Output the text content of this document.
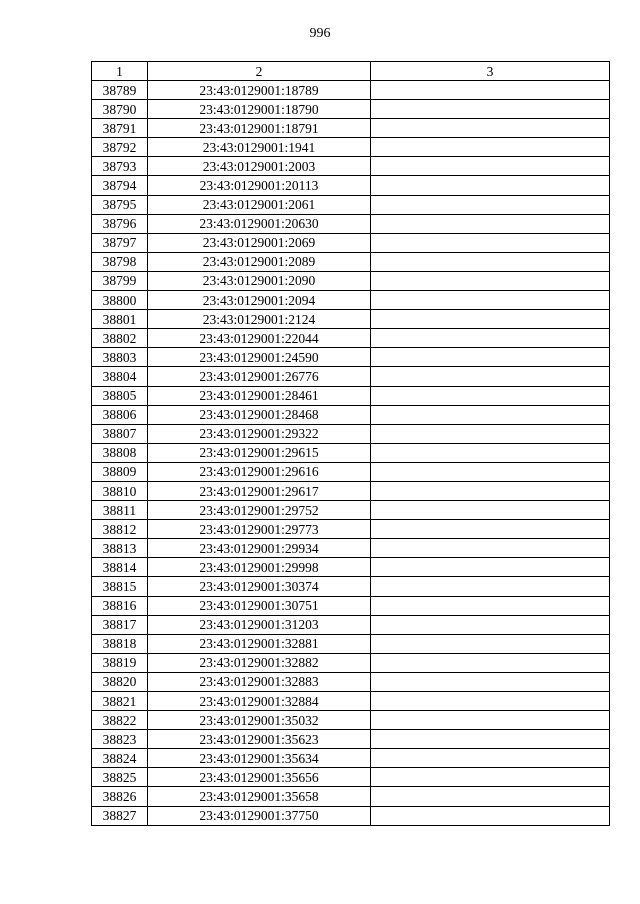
996
1	2	3
38789	23:43:0129001:18789	
38790	23:43:0129001:18790	
38791	23:43:0129001:18791	
38792	23:43:0129001:1941	
38793	23:43:0129001:2003	
38794	23:43:0129001:20113	
38795	23:43:0129001:2061	
38796	23:43:0129001:20630	
38797	23:43:0129001:2069	
38798	23:43:0129001:2089	
38799	23:43:0129001:2090	
38800	23:43:0129001:2094	
38801	23:43:0129001:2124	
38802	23:43:0129001:22044	
38803	23:43:0129001:24590	
38804	23:43:0129001:26776	
38805	23:43:0129001:28461	
38806	23:43:0129001:28468	
38807	23:43:0129001:29322	
38808	23:43:0129001:29615	
38809	23:43:0129001:29616	
38810	23:43:0129001:29617	
38811	23:43:0129001:29752	
38812	23:43:0129001:29773	
38813	23:43:0129001:29934	
38814	23:43:0129001:29998	
38815	23:43:0129001:30374	
38816	23:43:0129001:30751	
38817	23:43:0129001:31203	
38818	23:43:0129001:32881	
38819	23:43:0129001:32882	
38820	23:43:0129001:32883	
38821	23:43:0129001:32884	
38822	23:43:0129001:35032	
38823	23:43:0129001:35623	
38824	23:43:0129001:35634	
38825	23:43:0129001:35656	
38826	23:43:0129001:35658	
38827	23:43:0129001:37750	
